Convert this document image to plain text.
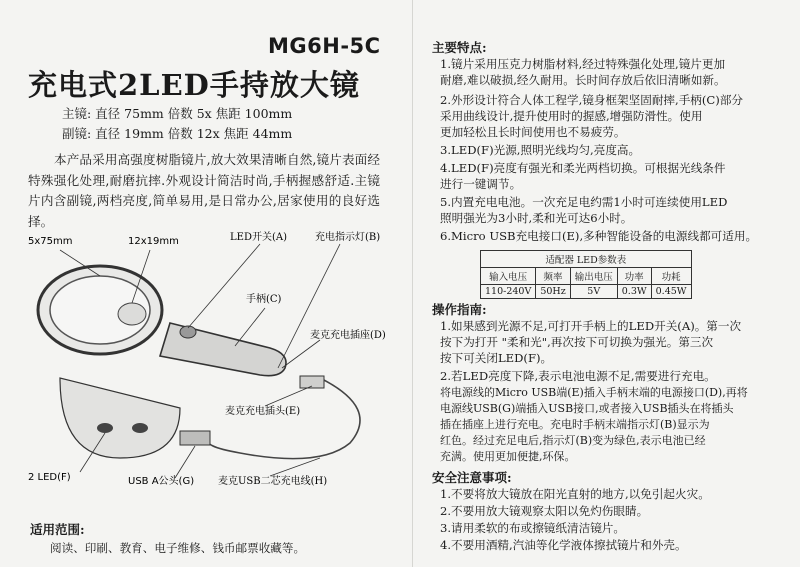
MG6H-5C
充电式2LED手持放大镜
主镜: 直径 75mm 倍数 5x 焦距 100mm
副镜: 直径 19mm 倍数 12x 焦距 44mm
本产品采用高强度树脂镜片,放大效果清晰自然,镜片表面经特殊强化处理,耐磨抗摔.外观设计简洁时尚,手柄握感舒适.主镜片内含副镜,两档亮度,简单易用,是日常办公,居家使用的良好选择。
5x75mm	12x19mm	LED开关(A)	充电指示灯(B)
手柄(C)
麦克充电插座(D)
麦克充电插头(E)
2 LED(F)	USB A公头(G) 麦克USB二芯充电线(H)
适用范围:
阅读、印刷、教育、电子维修、钱币邮票收藏等。
主要特点:
1.镜片采用压克力树脂材料,经过特殊强化处理,镜片更加
耐磨,难以破损,经久耐用。长时间存放后依旧清晰如新。
2.外形设计符合人体工程学,镜身框架坚固耐摔,手柄(C)部分
采用曲线设计,提升使用时的握感,增强防滑性。使用
更加轻松且长时间使用也不易疲劳。
3.LED(F)光源,照明光线均匀,亮度高。
4.LED(F)亮度有强光和柔光两档切换。可根据光线条件
进行一键调节。
5.内置充电电池。一次充足电约需1小时可连续使用LED
照明强光为3小时,柔和光可达6小时。
6.Micro USB充电接口(E),多种智能设备的电源线都可适用。
适配器 LED参数表				
输入电压	频率	输出电压	功率	功耗
110-240V	50Hz	5V	0.3W	0.45W
操作指南:
1.如果感到光源不足,可打开手柄上的LED开关(A)。第一次
按下为打开 "柔和光",再次按下可切换为强光。第三次
按下可关闭LED(F)。
2.若LED亮度下降,表示电池电源不足,需要进行充电。
将电源线的Micro USB端(E)插入手柄末端的电源接口(D),再将
电源线USB(G)端插入USB接口,或者接入USB插头在将插头
插在插座上进行充电。充电时手柄末端指示灯(B)显示为
红色。经过充足电后,指示灯(B)变为绿色,表示电池已经
充满。使用更加便捷,环保。
安全注意事项:
1.不要将放大镜放在阳光直射的地方,以免引起火灾。
2.不要用放大镜观察太阳以免灼伤眼睛。
3.请用柔软的布或擦镜纸清洁镜片。
4.不要用酒精,汽油等化学液体擦拭镜片和外壳。
